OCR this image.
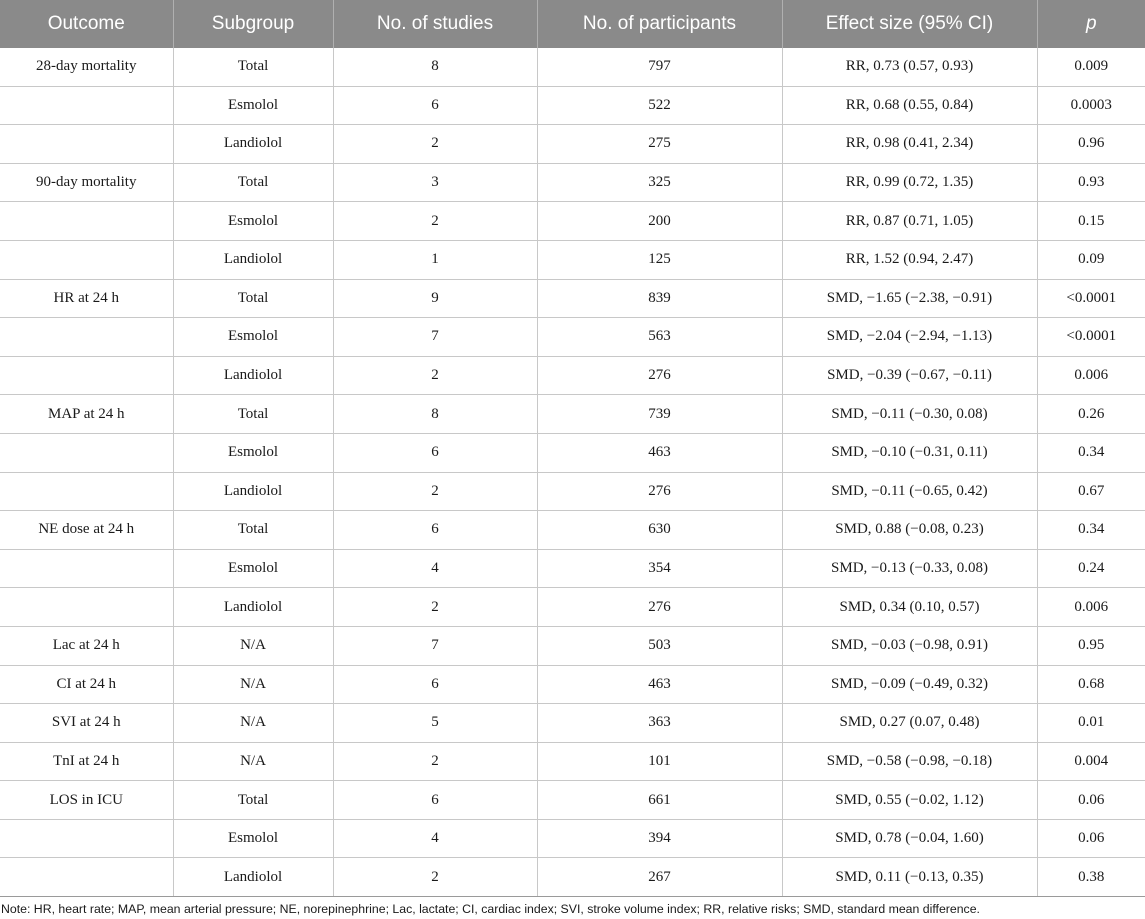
Outcome	Subgroup	No. of studies	No. of participants	Effect size (95% CI)	p
28-day mortality	Total	8	797	RR, 0.73 (0.57, 0.93)	0.009
	Esmolol	6	522	RR, 0.68 (0.55, 0.84)	0.0003
	Landiolol	2	275	RR, 0.98 (0.41, 2.34)	0.96
90-day mortality	Total	3	325	RR, 0.99 (0.72, 1.35)	0.93
	Esmolol	2	200	RR, 0.87 (0.71, 1.05)	0.15
	Landiolol	1	125	RR, 1.52 (0.94, 2.47)	0.09
HR at 24 h	Total	9	839	SMD, −1.65 (−2.38, −0.91)	˂0.0001
	Esmolol	7	563	SMD, −2.04 (−2.94, −1.13)	˂0.0001
	Landiolol	2	276	SMD, −0.39 (−0.67, −0.11)	0.006
MAP at 24 h	Total	8	739	SMD, −0.11 (−0.30, 0.08)	0.26
	Esmolol	6	463	SMD, −0.10 (−0.31, 0.11)	0.34
	Landiolol	2	276	SMD, −0.11 (−0.65, 0.42)	0.67
NE dose at 24 h	Total	6	630	SMD, 0.88 (−0.08, 0.23)	0.34
	Esmolol	4	354	SMD, −0.13 (−0.33, 0.08)	0.24
	Landiolol	2	276	SMD, 0.34 (0.10, 0.57)	0.006
Lac at 24 h	N/A	7	503	SMD, −0.03 (−0.98, 0.91)	0.95
CI at 24 h	N/A	6	463	SMD, −0.09 (−0.49, 0.32)	0.68
SVI at 24 h	N/A	5	363	SMD, 0.27 (0.07, 0.48)	0.01
TnI at 24 h	N/A	2	101	SMD, −0.58 (−0.98, −0.18)	0.004
LOS in ICU	Total	6	661	SMD, 0.55 (−0.02, 1.12)	0.06
	Esmolol	4	394	SMD, 0.78 (−0.04, 1.60)	0.06
	Landiolol	2	267	SMD, 0.11 (−0.13, 0.35)	0.38
Note: HR, heart rate; MAP, mean arterial pressure; NE, norepinephrine; Lac, lactate; CI, cardiac index; SVI, stroke volume index; RR, relative risks; SMD, standard mean difference.
